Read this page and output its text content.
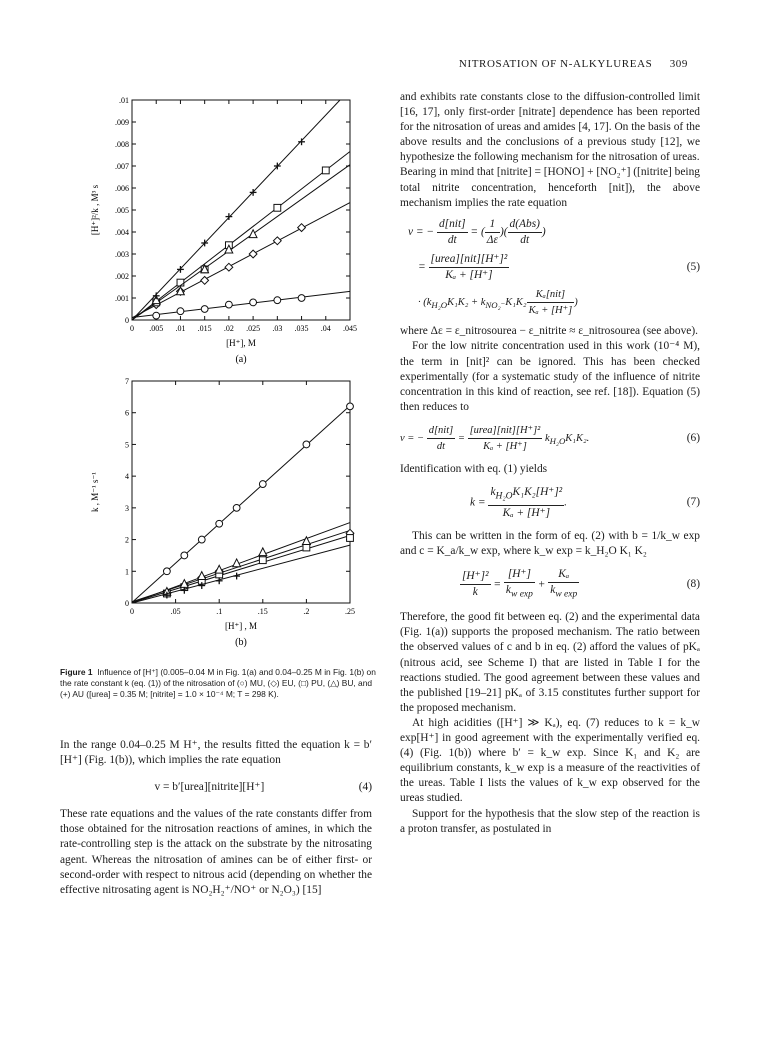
NITROSATION OF N-ALKYLUREAS 309
0 .005 .01 .015 .02 .025 .03 .035 .04 .045
0
.001
.002
.003
.004
.005
.006
.007
.008
.009
.01
[H⁺], M
[H⁺]²/k , M³ s
(a)

0	.05	.1	.15	.2	.25
0
1
2
3
4
5
6
7
[H⁺] , M
k , M⁻¹ s⁻¹
(b)
Figure 1 Influence of [H⁺] (0.005–0.04 M in Fig. 1(a) and 0.04–0.25 M in Fig. 1(b) on the rate constant k (eq. (1)) of the nitrosation of (○) MU, (◇) EU, (□) PU, (△) BU, and (+) AU ([urea] = 0.35 M; [nitrite] = 1.0 × 10⁻⁴ M; T = 298 K).

In the range 0.04–0.25 M H⁺, the results fitted the equation k = b′[H⁺] (Fig. 1(b)), which implies the rate equation

v = b′[urea][nitrite][H⁺]	(4)

These rate equations and the values of the rate constants differ from those obtained for the nitrosation reactions of amines, in which the rate-controlling step is the attack on the substrate by the nitrosating agent. Whereas the nitrosation of amines can be of either first- or second-order with respect to nitrous acid (depending on whether the effective nitrosating agent is NO₂H₂⁺/NO⁺ or N₂O₃) [15]

and exhibits rate constants close to the diffusion-controlled limit [16, 17], only first-order [nitrate] dependence has been reported for the nitrosation of ureas and amides [4, 17]. On the basis of the above results and the conclusions of a previous study [12], we hypothesize the following mechanism for the nitrosation of ureas.

Bearing in mind that [nitrite] = [HONO] + [NO₂⁺] ([nitrite] being total nitrite concentration, henceforth [nit]), the above mechanism implies the rate equation

v = − $\frac{\text{d[nit]}}{dt}$ = ( $\frac{1}{\Delta\varepsilon}$ )( $\frac{\text{d(Abs)}}{dt}$ )
= $\frac{\text{[urea][nit][H⁺]²}}{\text{Kₐ + [H⁺]}}$	(5)
· ($k_{H_2O}K_1K_2 + k_{NO_2^-}K_1K_2 \frac{\text{Kₐ[nit]}}{\text{Kₐ + [H⁺]}}$ )

where Δε = ε_nitrosourea − ε_nitrite ≈ ε_nitrosourea (see above).

For the low nitrite concentration used in this work (10⁻⁴ M), the term in [nit]² can be ignored. This has been checked experimentally (for a systematic study of the influence of nitrite concentration in this kind of reaction, see ref. [18]). Equation (5) then reduces to

v = − $\frac{\text{d[nit]}}{dt} = \frac{\text{[urea][nit][H⁺]²}}{\text{Kₐ + [H⁺]}} k_{H_2O}K_1K_2$.	(6)

Identification with eq. (1) yields

$k = \frac{k_{H_2O}K_1K_2[H^+]^2}{\text{Kₐ + [H⁺]}}$ .	(7)

This can be written in the form of eq. (2) with b = 1/k_w exp and c = K_a/k_w exp, where k_w exp = k_H₂O K₁ K₂

$\frac{\text{[H⁺]²}}{k} = \frac{[H^+]}{k_{w exp}} + \frac{\text{Kₐ}}{k_{w exp}}$	(8)

Therefore, the good fit between eq. (2) and the experimental data (Fig. 1(a)) supports the proposed mechanism. The ratio between the observed values of c and b in eq. (2) afford the values of pKₐ (nitrous acid, see Scheme I) that are listed in Table I for the reactions studied. The good agreement between these values and the published [19–21] pKₐ of 3.15 constitutes further support for the proposed mechanism.

At high acidities ([H⁺] ≫ Kₐ), eq. (7) reduces to k = k_w exp[H⁺] in good agreement with the experimentally verified eq. (4) (Fig. 1(b)) where b′ = k_w exp. Since K₁ and K₂ are equilibrium constants, k_w exp is a measure of the reactivities of the ureas. Table I lists the values of k_w exp observed for the ureas studied.

Support for the hypothesis that the slow step of the reaction is a proton transfer, as postulated in
